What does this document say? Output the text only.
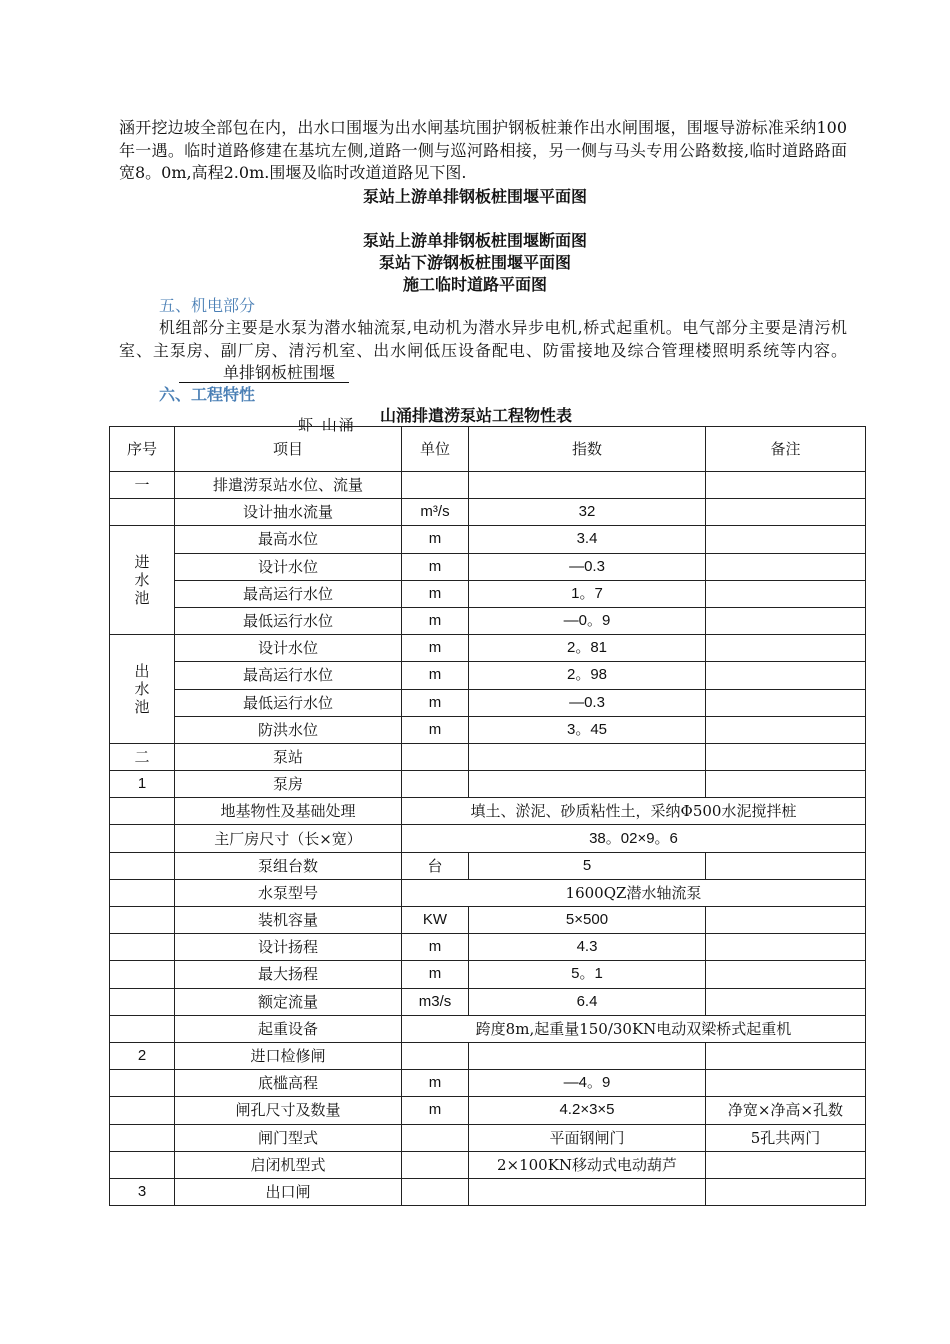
涵开挖边坡全部包在内，出水口围堰为出水闸基坑围护钢板桩兼作出水闸围堰，围堰导游标准采纳100年一遇。临时道路修建在基坑左侧,道路一侧与巡河路相接，另一侧与马头专用公路数接,临时道路路面宽8。0m,高程2.0m.围堰及临时改道道路见下图.

泵站上游单排钢板桩围堰平面图
泵站上游单排钢板桩围堰断面图
泵站下游钢板桩围堰平面图
施工临时道路平面图
五、机电部分

机组部分主要是水泵为潜水轴流泵,电动机为潜水异步电机,桥式起重机。电气部分主要是清污机室、主泵房、副厂房、清污机室、出水闸低压设备配电、防雷接地及综合管理楼照明系统等内容。单排钢板桩围堰

六、工程特性
虾 山涌 山涌排遣涝泵站工程物性表
序号	项目	单位	指数	备注
一	排遣涝泵站水位、流量			
	设计抽水流量	m³/s	32	
进水池	最高水位	m	3.4	
	设计水位	m	—0.3	
	最高运行水位	m	1。7	
	最低运行水位	m	—0。9	
出水池	设计水位	m	2。81	
	最高运行水位	m	2。98	
	最低运行水位	m	—0.3	
	防洪水位	m	3。45	
二	泵站			
1	泵房			
	地基物性及基础处理	填土、淤泥、砂质粘性土，采纳Φ500水泥搅拌桩		
	主厂房尺寸（长×宽）	38。02×9。6		
	泵组台数	台	5	
	水泵型号	1600QZ潜水轴流泵		
	装机容量	KW	5×500	
	设计扬程	m	4.3	
	最大扬程	m	5。1	
	额定流量	m3/s	6.4	
	起重设备	跨度8m,起重量150/30KN电动双梁桥式起重机		
2	进口检修闸			
	底槛高程	m	—4。9	
	闸孔尺寸及数量	m	4.2×3×5	净宽×净高×孔数
	闸门型式		平面钢闸门	5孔共两门
	启闭机型式		2×100KN移动式电动葫芦	
3	出口闸			
